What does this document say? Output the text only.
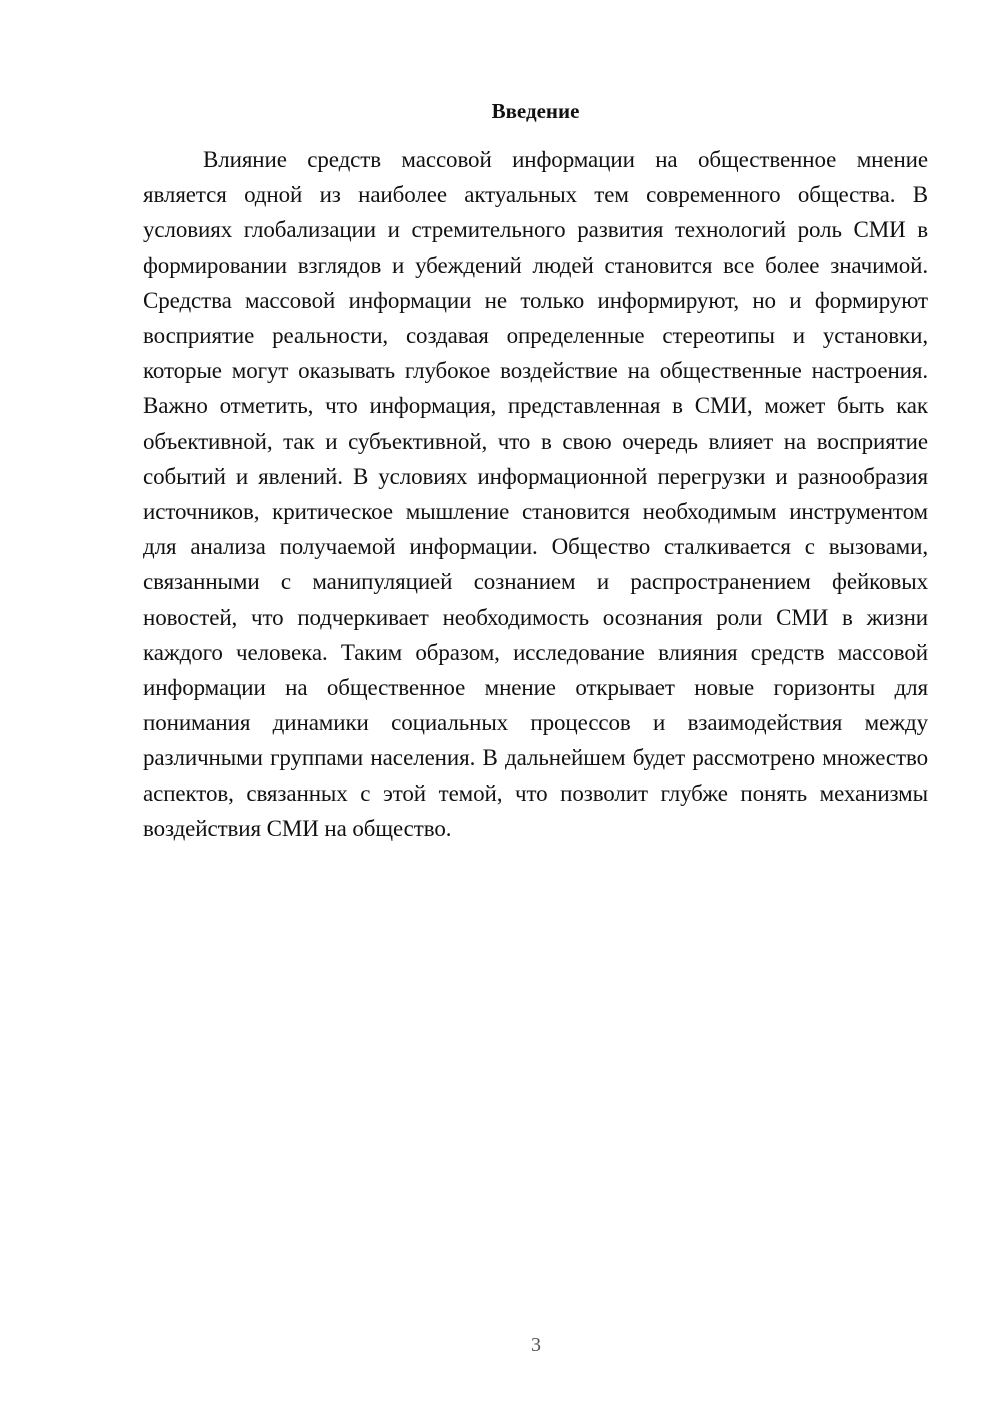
Введение

Влияние средств массовой информации на общественное мнение является одной из наиболее актуальных тем современного общества. В условиях глобализации и стремительного развития технологий роль СМИ в формировании взглядов и убеждений людей становится все более значимой. Средства массовой информации не только информируют, но и формируют восприятие реальности, создавая определенные стереотипы и установки, которые могут оказывать глубокое воздействие на общественные настроения. Важно отметить, что информация, представленная в СМИ, может быть как объективной, так и субъективной, что в свою очередь влияет на восприятие событий и явлений. В условиях информационной перегрузки и разнообразия источников, критическое мышление становится необходимым инструментом для анализа получаемой информации. Общество сталкивается с вызовами, связанными с манипуляцией сознанием и распространением фейковых новостей, что подчеркивает необходимость осознания роли СМИ в жизни каждого человека. Таким образом, исследование влияния средств массовой информации на общественное мнение открывает новые горизонты для понимания динамики социальных процессов и взаимодействия между различными группами населения. В дальнейшем будет рассмотрено множество аспектов, связанных с этой темой, что позволит глубже понять механизмы воздействия СМИ на общество.

3
